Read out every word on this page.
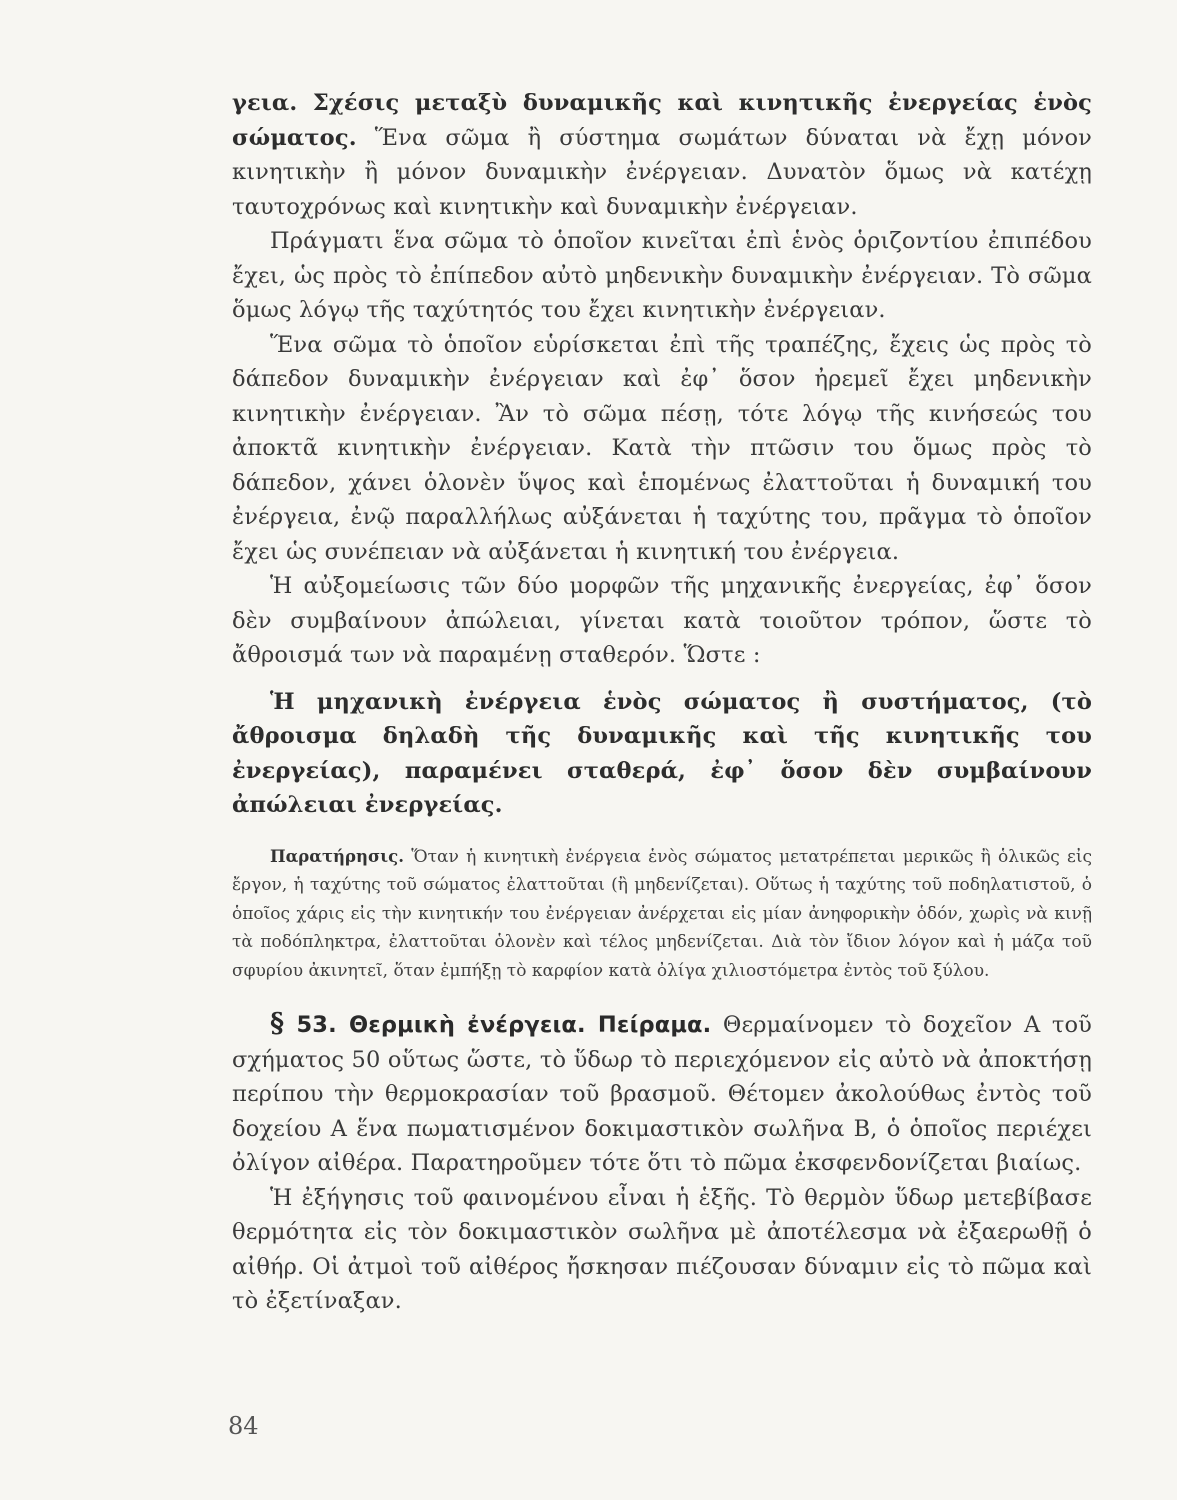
γεια. Σχέσις μεταξὺ δυναμικῆς καὶ κινητικῆς ἐνεργείας ἑνὸς σώματος. Ἕνα σῶμα ἢ σύστημα σωμάτων δύναται νὰ ἔχῃ μόνον κινητικὴν ἢ μόνον δυναμικὴν ἐνέργειαν. Δυνατὸν ὅμως νὰ κατέχῃ ταυτοχρόνως καὶ κινητικὴν καὶ δυναμικὴν ἐνέργειαν.

Πράγματι ἕνα σῶμα τὸ ὁποῖον κινεῖται ἐπὶ ἑνὸς ὁριζοντίου ἐπιπέδου ἔχει, ὡς πρὸς τὸ ἐπίπεδον αὐτὸ μηδενικὴν δυναμικὴν ἐνέργειαν. Τὸ σῶμα ὅμως λόγῳ τῆς ταχύτητός του ἔχει κινητικὴν ἐνέργειαν.

Ἕνα σῶμα τὸ ὁποῖον εὑρίσκεται ἐπὶ τῆς τραπέζης, ἔχεις ὡς πρὸς τὸ δάπεδον δυναμικὴν ἐνέργειαν καὶ ἐφ᾿ ὅσον ἠρεμεῖ ἔχει μηδενικὴν κινητικὴν ἐνέργειαν. Ἂν τὸ σῶμα πέσῃ, τότε λόγῳ τῆς κινήσεώς του ἀποκτᾶ κινητικὴν ἐνέργειαν. Κατὰ τὴν πτῶσιν του ὅμως πρὸς τὸ δάπεδον, χάνει ὁλονὲν ὕψος καὶ ἑπομένως ἐλαττοῦται ἡ δυναμική του ἐνέργεια, ἐνῷ παραλλήλως αὐξάνεται ἡ ταχύτης του, πρᾶγμα τὸ ὁποῖον ἔχει ὡς συνέπειαν νὰ αὐξάνεται ἡ κινητική του ἐνέργεια.

Ἡ αὐξομείωσις τῶν δύο μορφῶν τῆς μηχανικῆς ἐνεργείας, ἐφ᾿ ὅσον δὲν συμβαίνουν ἀπώλειαι, γίνεται κατὰ τοιοῦτον τρόπον, ὥστε τὸ ἄθροισμά των νὰ παραμένῃ σταθερόν. Ὥστε :

Ἡ μηχανικὴ ἐνέργεια ἑνὸς σώματος ἢ συστήματος, (τὸ ἄθροισμα δηλαδὴ τῆς δυναμικῆς καὶ τῆς κινητικῆς του ἐνεργείας), παραμένει σταθερά, ἐφ᾿ ὅσον δὲν συμβαίνουν ἀπώλειαι ἐνεργείας.

Παρατήρησις. Ὅταν ἡ κινητικὴ ἐνέργεια ἑνὸς σώματος μετατρέπεται μερικῶς ἢ ὁλικῶς εἰς ἔργον, ἡ ταχύτης τοῦ σώματος ἐλαττοῦται (ἢ μηδενίζεται). Οὕτως ἡ ταχύτης τοῦ ποδηλατιστοῦ, ὁ ὁποῖος χάρις εἰς τὴν κινητικήν του ἐνέργειαν ἀνέρχεται εἰς μίαν ἀνηφορικὴν ὁδόν, χωρὶς νὰ κινῇ τὰ ποδόπληκτρα, ἐλαττοῦται ὁλονὲν καὶ τέλος μηδενίζεται. Διὰ τὸν ἴδιον λόγον καὶ ἡ μάζα τοῦ σφυρίου ἀκινητεῖ, ὅταν ἐμπήξῃ τὸ καρφίον κατὰ ὀλίγα χιλιοστόμετρα ἐντὸς τοῦ ξύλου.

§ 53. Θερμικὴ ἐνέργεια. Πείραμα. Θερμαίνομεν τὸ δοχεῖον Α τοῦ σχήματος 50 οὕτως ὥστε, τὸ ὕδωρ τὸ περιεχόμενον εἰς αὐτὸ νὰ ἀποκτήσῃ περίπου τὴν θερμοκρασίαν τοῦ βρασμοῦ. Θέτομεν ἀκολούθως ἐντὸς τοῦ δοχείου Α ἕνα πωματισμένον δοκιμαστικὸν σωλῆνα Β, ὁ ὁποῖος περιέχει ὀλίγον αἰθέρα. Παρατηροῦμεν τότε ὅτι τὸ πῶμα ἐκσφενδονίζεται βιαίως.

Ἡ ἐξήγησις τοῦ φαινομένου εἶναι ἡ ἑξῆς. Τὸ θερμὸν ὕδωρ μετεβίβασε θερμότητα εἰς τὸν δοκιμαστικὸν σωλῆνα μὲ ἀποτέλεσμα νὰ ἐξαερωθῇ ὁ αἰθήρ. Οἱ ἀτμοὶ τοῦ αἰθέρος ἤσκησαν πιέζουσαν δύναμιν εἰς τὸ πῶμα καὶ τὸ ἐξετίναξαν.

84
